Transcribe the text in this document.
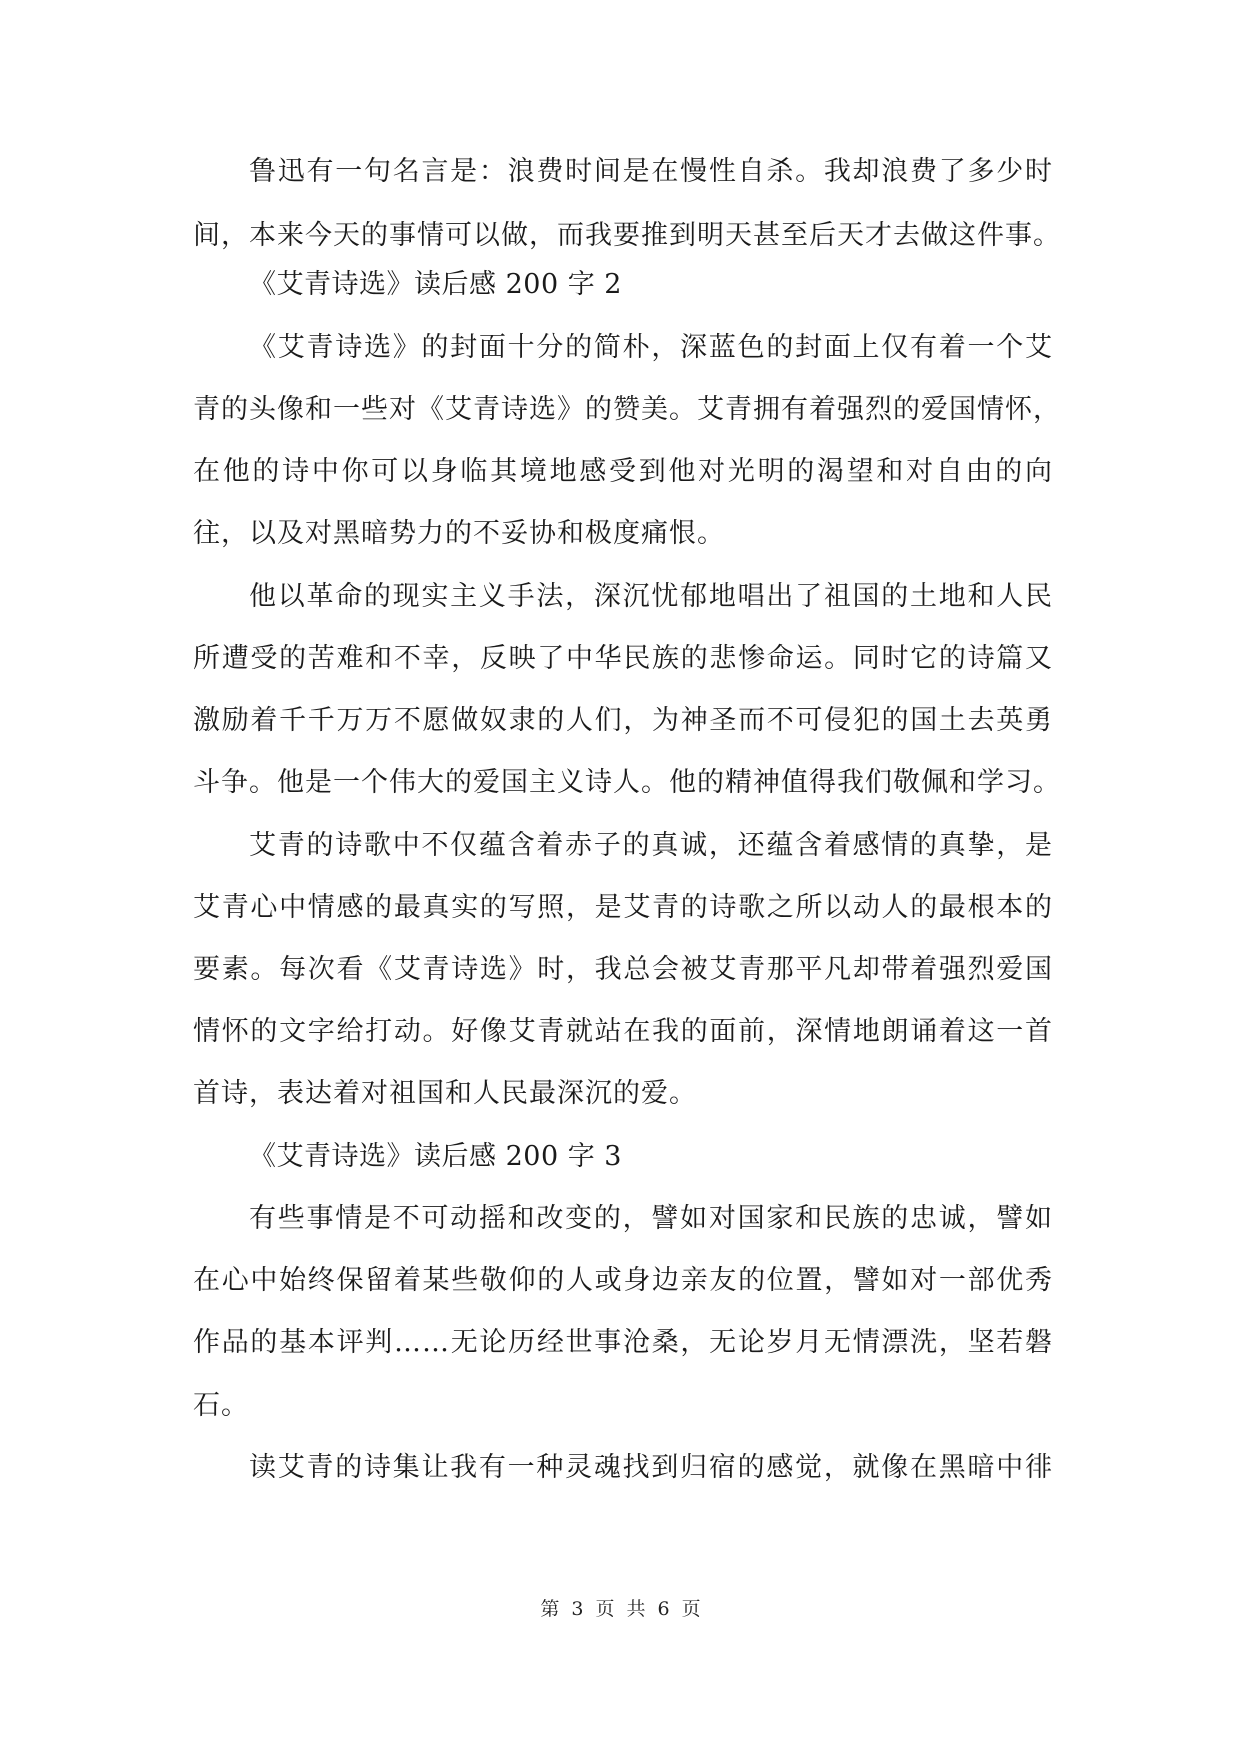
鲁迅有一句名言是：浪费时间是在慢性自杀。我却浪费了多少时
间，本来今天的事情可以做，而我要推到明天甚至后天才去做这件事。
《艾青诗选》读后感 200 字 2
《艾青诗选》的封面十分的简朴，深蓝色的封面上仅有着一个艾
青的头像和一些对《艾青诗选》的赞美。艾青拥有着强烈的爱国情怀，
在他的诗中你可以身临其境地感受到他对光明的渴望和对自由的向
往，以及对黑暗势力的不妥协和极度痛恨。
他以革命的现实主义手法，深沉忧郁地唱出了祖国的土地和人民
所遭受的苦难和不幸，反映了中华民族的悲惨命运。同时它的诗篇又
激励着千千万万不愿做奴隶的人们，为神圣而不可侵犯的国土去英勇
斗争。他是一个伟大的爱国主义诗人。他的精神值得我们敬佩和学习。
艾青的诗歌中不仅蕴含着赤子的真诚，还蕴含着感情的真挚，是
艾青心中情感的最真实的写照，是艾青的诗歌之所以动人的最根本的
要素。每次看《艾青诗选》时，我总会被艾青那平凡却带着强烈爱国
情怀的文字给打动。好像艾青就站在我的面前，深情地朗诵着这一首
首诗，表达着对祖国和人民最深沉的爱。
《艾青诗选》读后感 200 字 3
有些事情是不可动摇和改变的，譬如对国家和民族的忠诚，譬如
在心中始终保留着某些敬仰的人或身边亲友的位置，譬如对一部优秀
作品的基本评判……无论历经世事沧桑，无论岁月无情漂洗，坚若磐
石。
读艾青的诗集让我有一种灵魂找到归宿的感觉，就像在黑暗中徘
第 3 页 共 6 页
